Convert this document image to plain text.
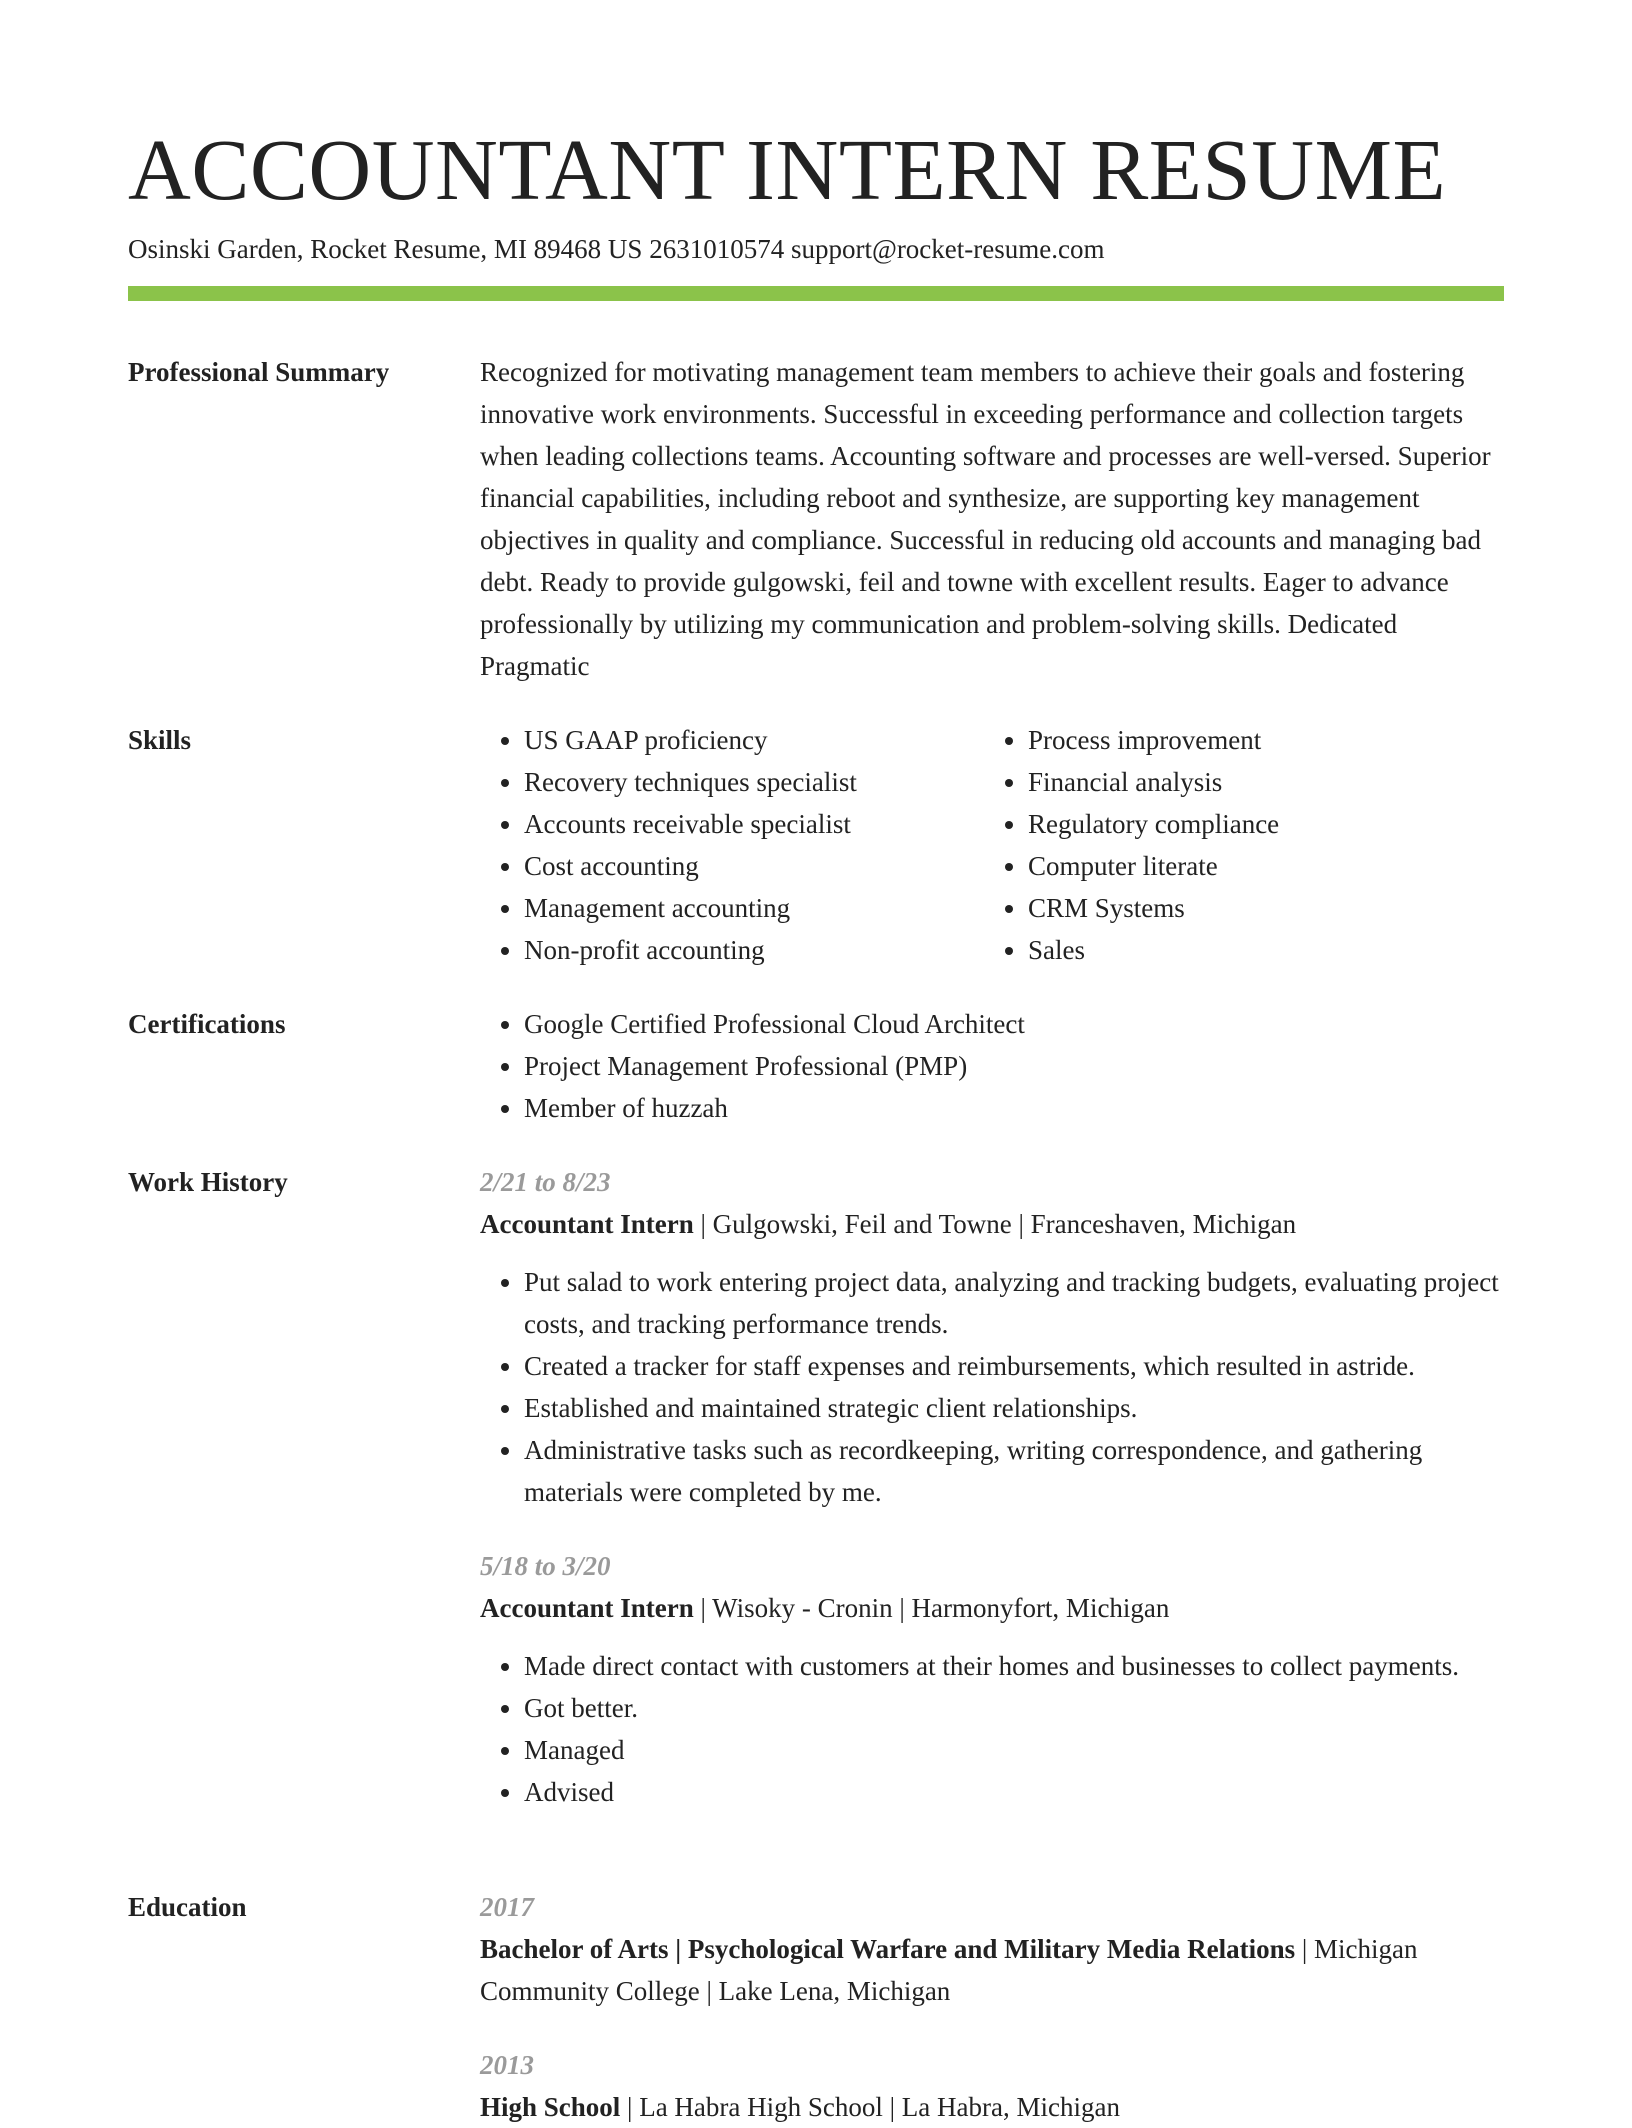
ACCOUNTANT INTERN RESUME
Osinski Garden, Rocket Resume, MI 89468 US 2631010574 support@rocket-resume.com
Professional Summary	Recognized for motivating management team members to achieve their goals and fostering innovative work environments. Successful in exceeding performance and collection targets when leading collections teams. Accounting software and processes are well-versed. Superior financial capabilities, including reboot and synthesize, are supporting key management objectives in quality and compliance. Successful in reducing old accounts and managing bad debt. Ready to provide gulgowski, feil and towne with excellent results. Eager to advance professionally by utilizing my communication and problem-solving skills. Dedicated Pragmatic

Skills	• US GAAP proficiency
• Recovery techniques specialist
• Accounts receivable specialist
• Cost accounting
• Management accounting
• Non-profit accounting
• Process improvement
• Financial analysis
• Regulatory compliance
• Computer literate
• CRM Systems
• Sales
Certifications	• Google Certified Professional Cloud Architect
• Project Management Professional (PMP)
• Member of huzzah
Work History	2/21 to 8/23
Accountant Intern | Gulgowski, Feil and Towne | Franceshaven, Michigan
• Put salad to work entering project data, analyzing and tracking budgets, evaluating project costs, and tracking performance trends.
• Created a tracker for staff expenses and reimbursements, which resulted in astride.
• Established and maintained strategic client relationships.
• Administrative tasks such as recordkeeping, writing correspondence, and gathering materials were completed by me.
5/18 to 3/20
Accountant Intern | Wisoky - Cronin | Harmonyfort, Michigan
• Made direct contact with customers at their homes and businesses to collect payments.
• Got better.
• Managed
• Advised
Education	2017
Bachelor of Arts | Psychological Warfare and Military Media Relations | Michigan Community College | Lake Lena, Michigan
2013
High School | La Habra High School | La Habra, Michigan
